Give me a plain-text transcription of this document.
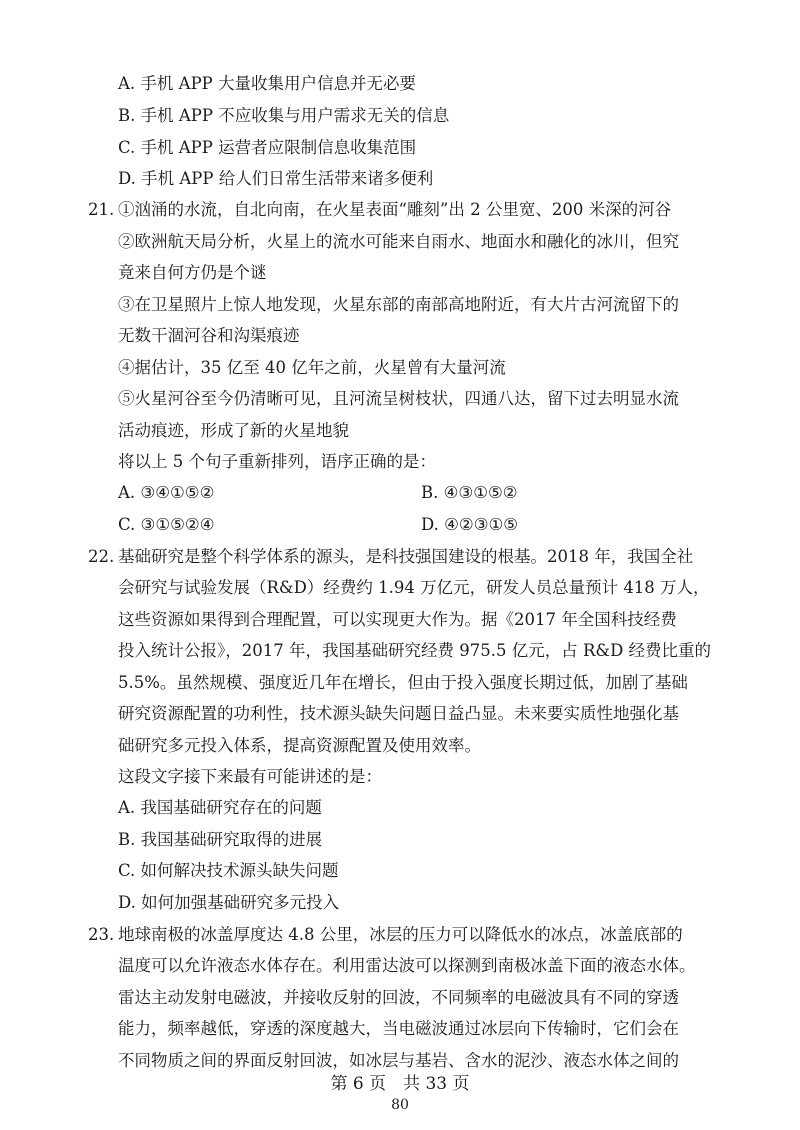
A. 手机 APP 大量收集用户信息并无必要
B. 手机 APP 不应收集与用户需求无关的信息
C. 手机 APP 运营者应限制信息收集范围
D. 手机 APP 给人们日常生活带来诸多便利
21. ①汹涌的水流，自北向南，在火星表面“雕刻”出 2 公里宽、200 米深的河谷
②欧洲航天局分析，火星上的流水可能来自雨水、地面水和融化的冰川，但究
竟来自何方仍是个谜
③在卫星照片上惊人地发现，火星东部的南部高地附近，有大片古河流留下的
无数干涸河谷和沟渠痕迹
④据估计，35 亿至 40 亿年之前，火星曾有大量河流
⑤火星河谷至今仍清晰可见，且河流呈树枝状，四通八达，留下过去明显水流
活动痕迹，形成了新的火星地貌
将以上 5 个句子重新排列，语序正确的是：
A. ③④①⑤②	B. ④③①⑤②
C. ③①⑤②④	D. ④②③①⑤
22. 基础研究是整个科学体系的源头，是科技强国建设的根基。2018 年，我国全社
会研究与试验发展（R&D）经费约 1.94 万亿元，研发人员总量预计 418 万人，
这些资源如果得到合理配置，可以实现更大作为。据《2017 年全国科技经费
投入统计公报》，2017 年，我国基础研究经费 975.5 亿元，占 R&D 经费比重的
5.5%。虽然规模、强度近几年在增长，但由于投入强度长期过低，加剧了基础
研究资源配置的功利性，技术源头缺失问题日益凸显。未来要实质性地强化基
础研究多元投入体系，提高资源配置及使用效率。
这段文字接下来最有可能讲述的是：
A. 我国基础研究存在的问题
B. 我国基础研究取得的进展
C. 如何解决技术源头缺失问题
D. 如何加强基础研究多元投入
23. 地球南极的冰盖厚度达 4.8 公里，冰层的压力可以降低水的冰点，冰盖底部的
温度可以允许液态水体存在。利用雷达波可以探测到南极冰盖下面的液态水体。
雷达主动发射电磁波，并接收反射的回波，不同频率的电磁波具有不同的穿透
能力，频率越低，穿透的深度越大，当电磁波通过冰层向下传输时，它们会在
不同物质之间的界面反射回波，如冰层与基岩、含水的泥沙、液态水体之间的
第 6 页　共 33 页
80
